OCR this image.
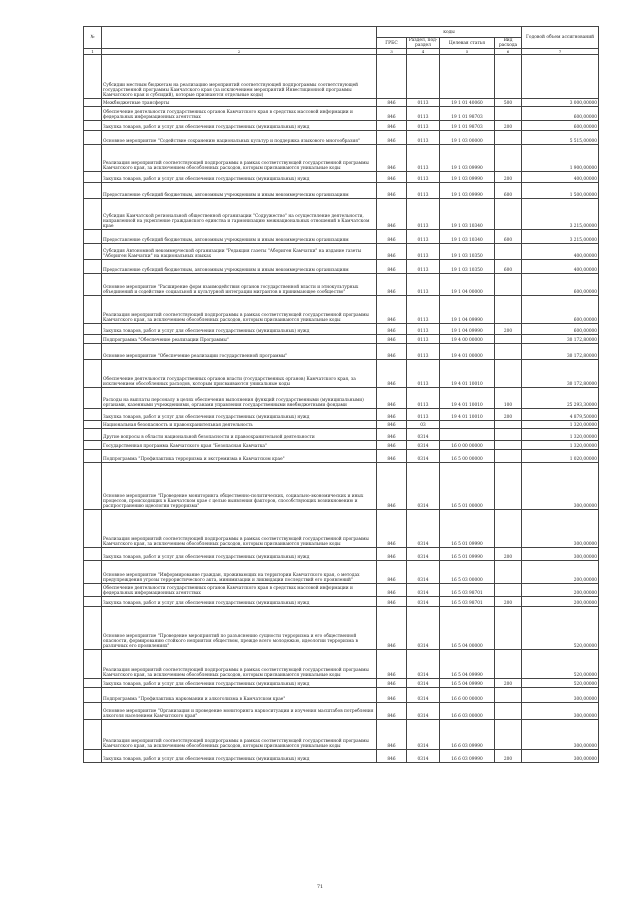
№		коды				Годовой объем ассигнований
		ГРБС	Раздел, под-раздел	Целевая статья	Вид расхода	
1	2	3	4	5	6	7
	Субсидии местным бюджетам на реализацию мероприятий соответствующей подпрограммы соответствующей государственной программы Камчатского края (за исключением мероприятий Инвестиционной программы Камчатского края и субсидий), которые признаются отдельные коды)					
	Межбюджетные трансферты	846	0113	19 1 01 40060	500	3 000,00000
	Обеспечение деятельности государственных органов Камчатского края в средствах массовой информации и федеральных информационных агентствах	846	0113	19 1 01 98703		600,00000
	Закупка товаров, работ и услуг для обеспечения государственных (муниципальных) нужд	846	0113	19 1 01 98703	200	600,00000
	Основное мероприятие "Содействие сохранению национальных культур и поддержка языкового многообразия"	846	0113	19 1 03 00000		5 515,00000
	Реализация мероприятий соответствующей подпрограммы в рамках соответствующей государственной программы Камчатского края, за исключением обособленных расходов, которым присваиваются уникальные коды	846	0113	19 1 03 09990		1 900,00000
	Закупка товаров, работ и услуг для обеспечения государственных (муниципальных) нужд	846	0113	19 1 03 09990	200	400,00000
	Предоставление субсидий бюджетным, автономным учреждениям и иным некоммерческим организациям	846	0113	19 1 03 09990	600	1 500,00000
	Субсидия Камчатской региональной общественной организации "Содружество" на осуществление деятельности, направленной на укрепление гражданского единства и гармонизацию межнациональных отношений в Камчатском крае	846	0113	19 1 03 10340		3 215,00000
	Предоставление субсидий бюджетным, автономным учреждениям и иным некоммерческим организациям	846	0113	19 1 03 10340	600	3 215,00000
	Субсидия Автономной некоммерческой организации "Редакция газеты "Абориген Камчатки" на издание газеты "Абориген Камчатки" на национальных языках	846	0113	19 1 03 10350		400,00000
	Предоставление субсидий бюджетным, автономным учреждениям и иным некоммерческим организациям	846	0113	19 1 03 10350	600	400,00000
	Основное мероприятие "Расширение форм взаимодействия органов государственной власти и этнокультурных объединений и содействие социальной и культурной интеграции мигрантов в принимающее сообщество"	846	0113	19 1 04 00000		600,00000
	Реализация мероприятий соответствующей подпрограммы в рамках соответствующей государственной программы Камчатского края, за исключением обособленных расходов, которым присваиваются уникальные коды	846	0113	19 1 04 09990		600,00000
	Закупка товаров, работ и услуг для обеспечения государственных (муниципальных) нужд	846	0113	19 1 04 09990	200	600,00000
	Подпрограмма "Обеспечение реализации Программы"	846	0113	19 4 00 00000		30 172,80000
	Основное мероприятие "Обеспечение реализации государственной программы"	846	0113	19 4 01 00000		30 172,80000
	Обеспечение деятельности государственных органов власти (государственных органов) Камчатского края, за исключением обособленных расходов, которым присваиваются уникальные коды	846	0113	19 4 01 10010		30 172,80000
	Расходы на выплаты персоналу в целях обеспечения выполнения функций государственными (муниципальными) органами, казенными учреждениями, органами управления государственными внебюджетными фондами	846	0113	19 4 01 10010	100	25 293,30000
	Закупка товаров, работ и услуг для обеспечения государственных (муниципальных) нужд	846	0113	19 4 01 10010	200	4 879,50000
	Национальная безопасность и правоохранительная деятельность	846	03			1 320,00000
	Другие вопросы в области национальной безопасности и правоохранительной деятельности	846	0314			1 320,00000
	Государственная программа Камчатского края "Безопасная Камчатка"	846	0314	16 0 00 00000		1 320,00000
	Подпрограмма "Профилактика терроризма и экстремизма в Камчатском крае"	846	0314	16 5 00 00000		1 020,00000
	Основное мероприятие "Проведение мониторинга общественно-политических, социально-экономических и иных процессов, происходящих в Камчатском крае с целью выявления факторов, способствующих возникновению и распространению идеологии терроризма"	846	0314	16 5 01 00000		300,00000
	Реализация мероприятий соответствующей подпрограммы в рамках соответствующей государственной программы Камчатского края, за исключением обособленных расходов, которым присваиваются уникальные коды	846	0314	16 5 01 09990		300,00000
	Закупка товаров, работ и услуг для обеспечения государственных (муниципальных) нужд	846	0314	16 5 01 09990	200	300,00000
	Основное мероприятие "Информирование граждан, проживающих на территории Камчатского края, о методах предупреждения угрозы террористического акта, минимизации и ликвидации последствий его проявлений"	846	0314	16 5 03 00000		200,00000
	Обеспечение деятельности государственных органов Камчатского края в средствах массовой информации и федеральных информационных агентствах	846	0314	16 5 03 98701		200,00000
	Закупка товаров, работ и услуг для обеспечения государственных (муниципальных) нужд	846	0314	16 5 03 98701	200	200,00000
	Основное мероприятие "Проведение мероприятий по разъяснению сущности терроризма и его общественной опасности, формированию стойкого неприятия обществом, прежде всего молодежью, идеологии терроризма в различных его проявлениях"	846	0314	16 5 04 00000		520,00000
	Реализация мероприятий соответствующей подпрограммы в рамках соответствующей государственной программы Камчатского края, за исключением обособленных расходов, которым присваиваются уникальные коды	846	0314	16 5 04 09990		520,00000
	Закупка товаров, работ и услуг для обеспечения государственных (муниципальных) нужд	846	0314	16 5 04 09990	200	520,00000
	Подпрограмма "Профилактика наркомании и алкоголизма в Камчатском крае"	846	0314	16 6 00 00000		300,00000
	Основное мероприятие "Организация и проведение мониторинга наркоситуации и изучения масштабов потребления алкоголя населением Камчатского края"	846	0314	16 6 03 00000		300,00000
	Реализация мероприятий соответствующей подпрограммы в рамках соответствующей государственной программы Камчатского края, за исключением обособленных расходов, которым присваиваются уникальные коды	846	0314	16 6 03 09990		300,00000
	Закупка товаров, работ и услуг для обеспечения государственных (муниципальных) нужд	846	0314	16 6 03 09990	200	300,00000
71
